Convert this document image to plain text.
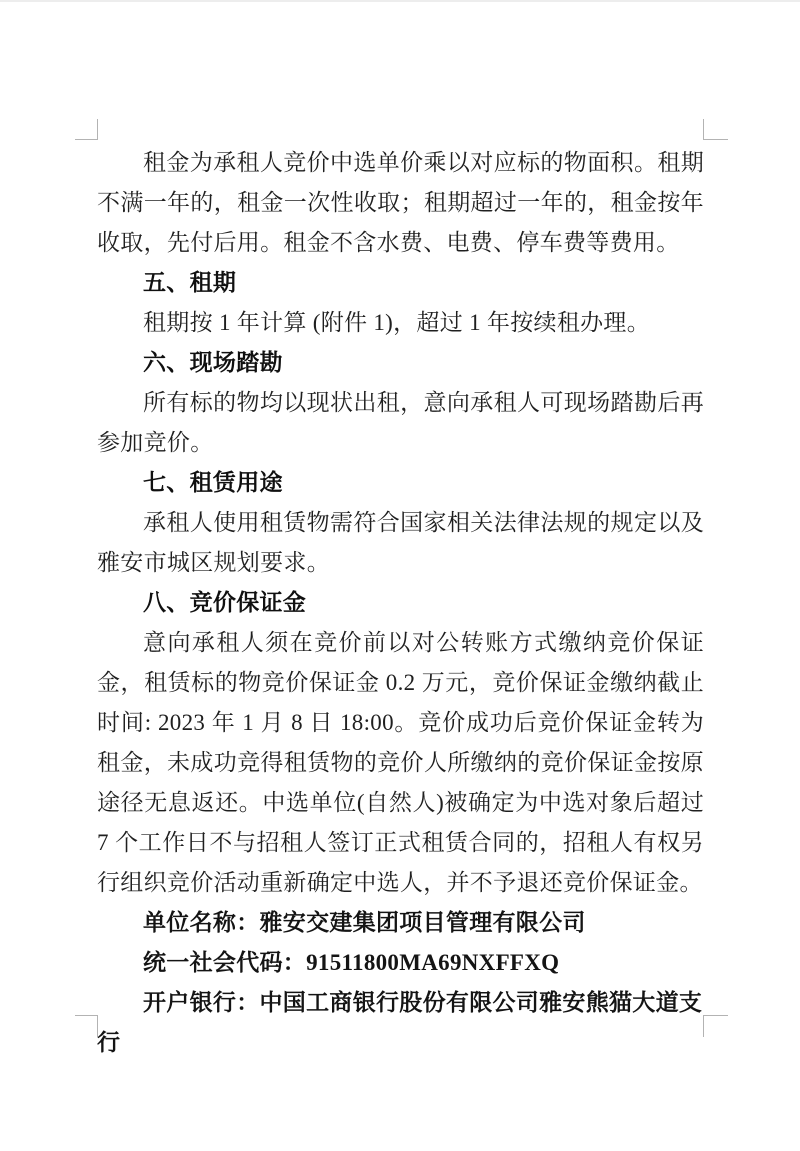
租金为承租人竞价中选单价乘以对应标的物面积。租期不满一年的，租金一次性收取；租期超过一年的，租金按年收取，先付后用。租金不含水费、电费、停车费等费用。

五、租期

租期按 1 年计算 (附件 1)，超过 1 年按续租办理。

六、现场踏勘

所有标的物均以现状出租，意向承租人可现场踏勘后再参加竞价。

七、租赁用途

承租人使用租赁物需符合国家相关法律法规的规定以及雅安市城区规划要求。

八、竞价保证金

意向承租人须在竞价前以对公转账方式缴纳竞价保证金，租赁标的物竞价保证金 0.2 万元，竞价保证金缴纳截止时间: 2023 年 1 月 8 日 18:00。竞价成功后竞价保证金转为租金，未成功竞得租赁物的竞价人所缴纳的竞价保证金按原途径无息返还。中选单位(自然人)被确定为中选对象后超过 7 个工作日不与招租人签订正式租赁合同的，招租人有权另行组织竞价活动重新确定中选人，并不予退还竞价保证金。

单位名称：雅安交建集团项目管理有限公司

统一社会代码：91511800MA69NXFFXQ

开户银行：中国工商银行股份有限公司雅安熊猫大道支行
